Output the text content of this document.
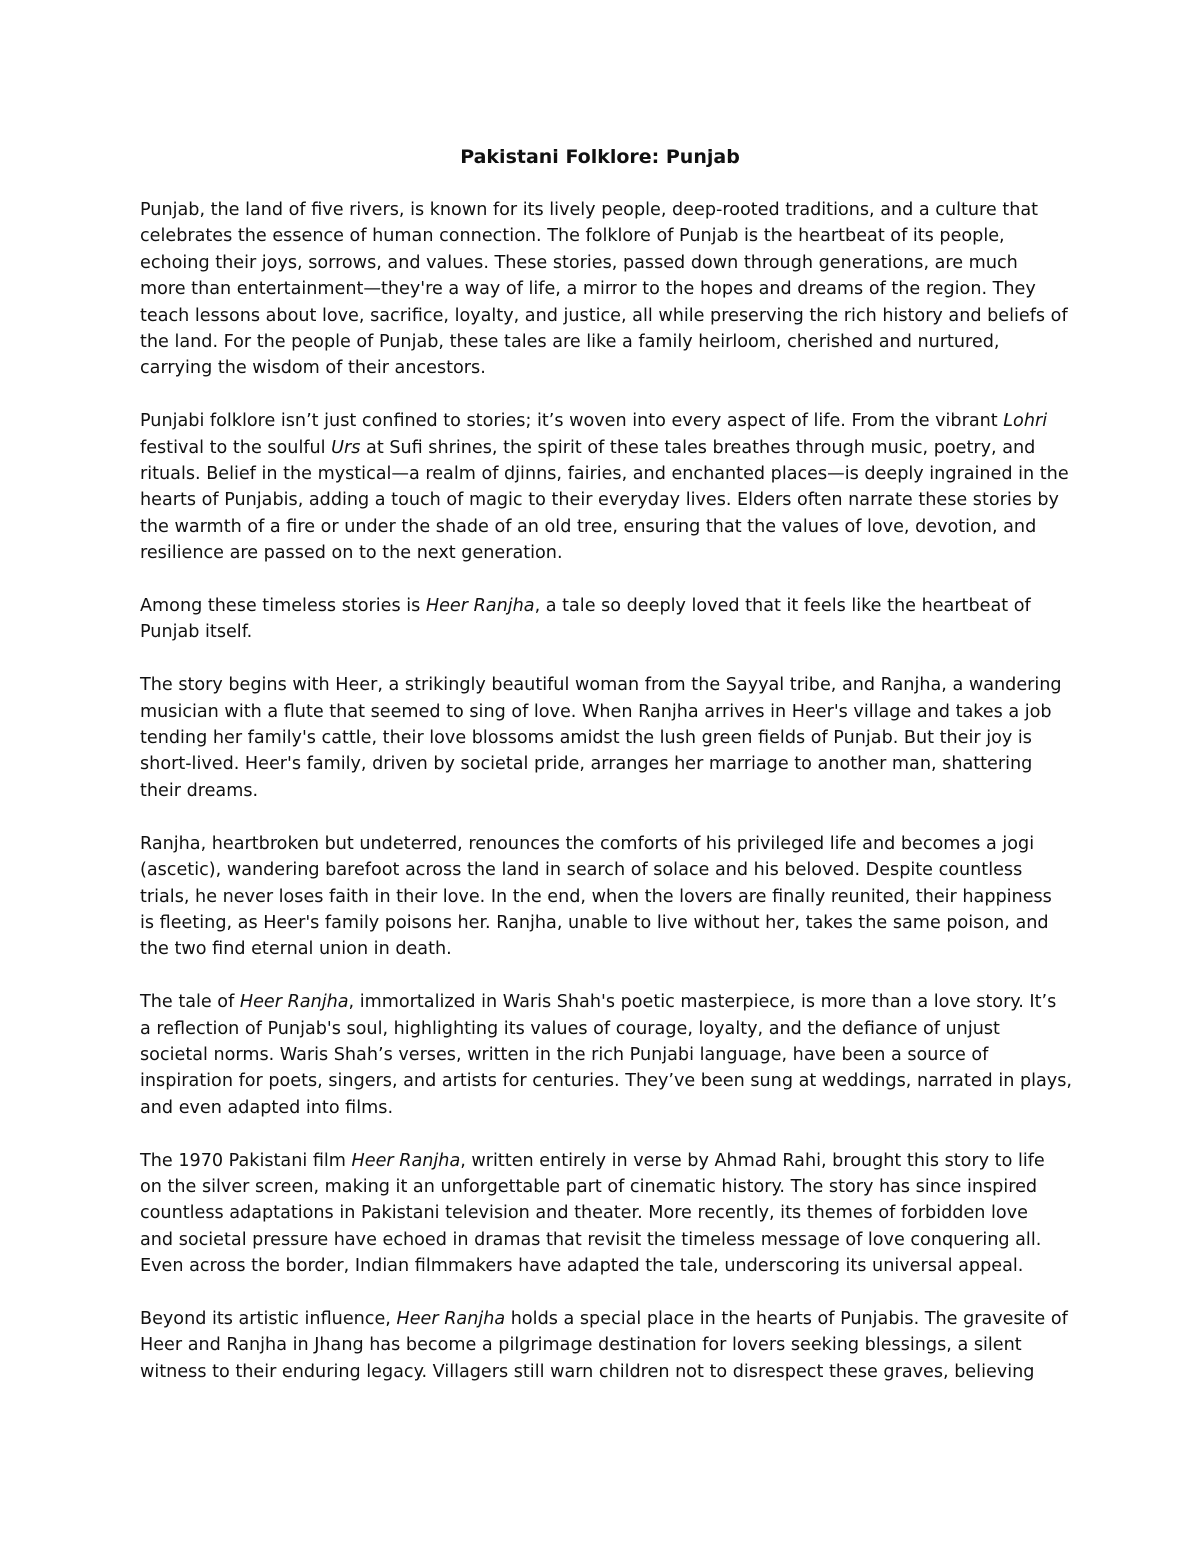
Pakistani Folklore: Punjab

Punjab, the land of five rivers, is known for its lively people, deep-rooted traditions, and a culture that
celebrates the essence of human connection. The folklore of Punjab is the heartbeat of its people,
echoing their joys, sorrows, and values. These stories, passed down through generations, are much
more than entertainment—they're a way of life, a mirror to the hopes and dreams of the region. They
teach lessons about love, sacrifice, loyalty, and justice, all while preserving the rich history and beliefs of
the land. For the people of Punjab, these tales are like a family heirloom, cherished and nurtured,
carrying the wisdom of their ancestors.

Punjabi folklore isn’t just confined to stories; it’s woven into every aspect of life. From the vibrant Lohri
festival to the soulful Urs at Sufi shrines, the spirit of these tales breathes through music, poetry, and
rituals. Belief in the mystical—a realm of djinns, fairies, and enchanted places—is deeply ingrained in the
hearts of Punjabis, adding a touch of magic to their everyday lives. Elders often narrate these stories by
the warmth of a fire or under the shade of an old tree, ensuring that the values of love, devotion, and
resilience are passed on to the next generation.

Among these timeless stories is Heer Ranjha, a tale so deeply loved that it feels like the heartbeat of
Punjab itself.

The story begins with Heer, a strikingly beautiful woman from the Sayyal tribe, and Ranjha, a wandering
musician with a flute that seemed to sing of love. When Ranjha arrives in Heer's village and takes a job
tending her family's cattle, their love blossoms amidst the lush green fields of Punjab. But their joy is
short-lived. Heer's family, driven by societal pride, arranges her marriage to another man, shattering
their dreams.

Ranjha, heartbroken but undeterred, renounces the comforts of his privileged life and becomes a jogi
(ascetic), wandering barefoot across the land in search of solace and his beloved. Despite countless
trials, he never loses faith in their love. In the end, when the lovers are finally reunited, their happiness
is fleeting, as Heer's family poisons her. Ranjha, unable to live without her, takes the same poison, and
the two find eternal union in death.

The tale of Heer Ranjha, immortalized in Waris Shah's poetic masterpiece, is more than a love story. It’s
a reflection of Punjab's soul, highlighting its values of courage, loyalty, and the defiance of unjust
societal norms. Waris Shah’s verses, written in the rich Punjabi language, have been a source of
inspiration for poets, singers, and artists for centuries. They’ve been sung at weddings, narrated in plays,
and even adapted into films.

The 1970 Pakistani film Heer Ranjha, written entirely in verse by Ahmad Rahi, brought this story to life
on the silver screen, making it an unforgettable part of cinematic history. The story has since inspired
countless adaptations in Pakistani television and theater. More recently, its themes of forbidden love
and societal pressure have echoed in dramas that revisit the timeless message of love conquering all.
Even across the border, Indian filmmakers have adapted the tale, underscoring its universal appeal.

Beyond its artistic influence, Heer Ranjha holds a special place in the hearts of Punjabis. The gravesite of
Heer and Ranjha in Jhang has become a pilgrimage destination for lovers seeking blessings, a silent
witness to their enduring legacy. Villagers still warn children not to disrespect these graves, believing
